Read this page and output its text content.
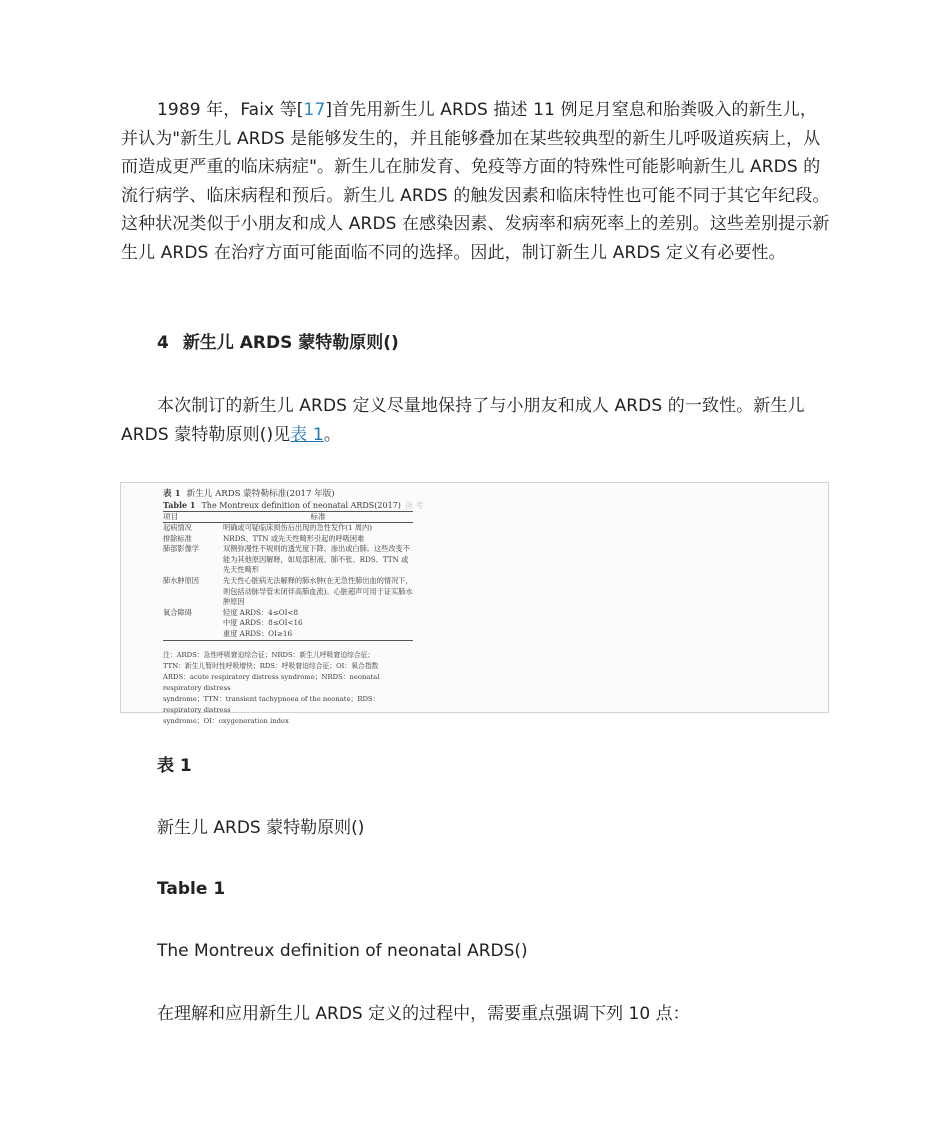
1989 年，Faix 等[17]首先用新生儿 ARDS 描述 11 例足月窒息和胎粪吸入的新生儿，并认为"新生儿 ARDS 是能够发生的，并且能够叠加在某些较典型的新生儿呼吸道疾病上，从而造成更严重的临床病症"。新生儿在肺发育、免疫等方面的特殊性可能影响新生儿 ARDS 的流行病学、临床病程和预后。新生儿 ARDS 的触发因素和临床特性也可能不同于其它年纪段。这种状况类似于小朋友和成人 ARDS 在感染因素、发病率和病死率上的差别。这些差别提示新生儿 ARDS 在治疗方面可能面临不同的选择。因此，制订新生儿 ARDS 定义有必要性。

4 新生儿 ARDS 蒙特勒原则()

本次制订的新生儿 ARDS 定义尽量地保持了与小朋友和成人 ARDS 的一致性。新生儿 ARDS 蒙特勒原则()见表 1。

表 1 新生儿 ARDS 蒙特勒标准(2017 年版)
Table 1 The Montreux definition of neonatal ARDS(2017) 备 考
项目	标准
起病情况	明确或可疑临床损伤后出现的急性发作(1 周内)
排除标准	NRDS、TTN 或先天性畸形引起的呼吸困难
肺部影像学	双侧弥漫性不规则的透光度下降、渗出或白肺。这些改变不能为其他原因解释，如局部积液、肺不张、RDS、TTN 或先天性畸形
肺水肿原因	先天性心脏病无法解释的肺水肿(在无急性肺出血的情况下，则包括动脉导管未闭伴高肺血流)。心脏超声可用于证实肺水肿原因
氧合障碍	轻度 ARDS：4≤OI<8
中度 ARDS：8≤OI<16
重度 ARDS：OI≥16

注：ARDS：急性呼吸窘迫综合征；NRDS：新生儿呼吸窘迫综合征；

TTN：新生儿暂时性呼吸增快；RDS：呼吸窘迫综合征；OI：氧合指数

ARDS：acute respiratory distress syndrome；NRDS：neonatal respiratory distress

syndrome；TTN：transient tachypnoea of the neonate；RDS：respiratory distress

syndrome；OI：oxygeneration index

表 1

新生儿 ARDS 蒙特勒原则()

Table 1

The Montreux definition of neonatal ARDS()

在理解和应用新生儿 ARDS 定义的过程中，需要重点强调下列 10 点：
